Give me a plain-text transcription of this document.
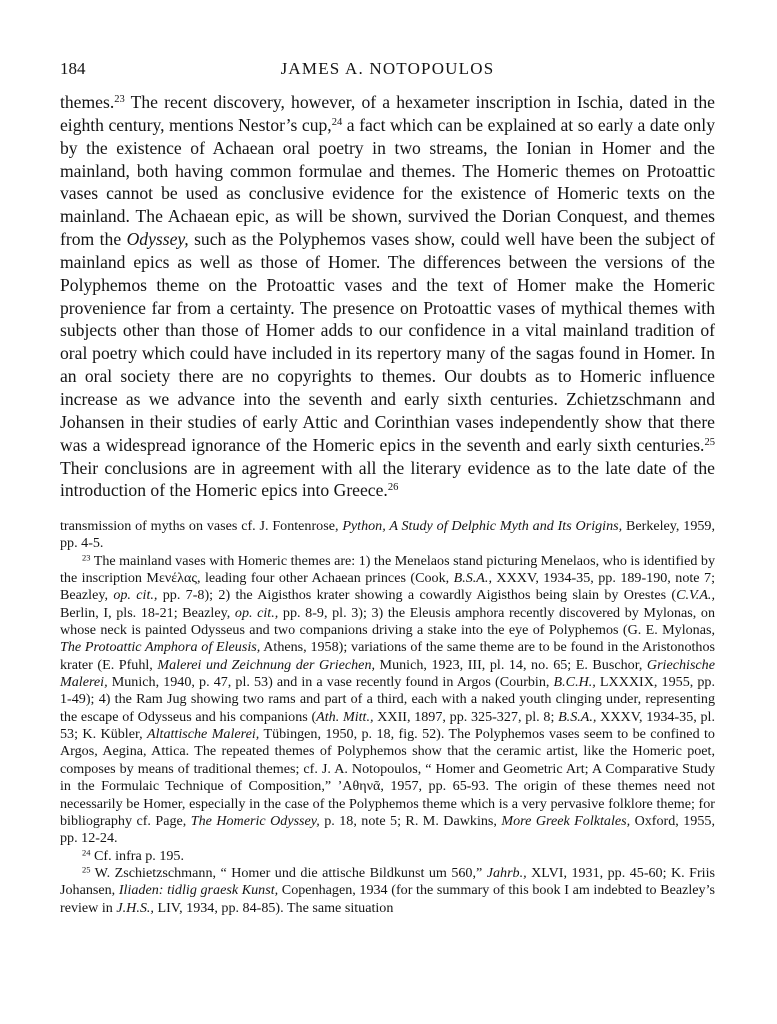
184	JAMES A. NOTOPOULOS

themes.$^{23}$ The recent discovery, however, of a hexameter inscription in Ischia, dated in the eighth century, mentions Nestor’s cup,$^{24}$ a fact which can be explained at so early a date only by the existence of Achaean oral poetry in two streams, the Ionian in Homer and the mainland, both having common formulae and themes. The Homeric themes on Protoattic vases cannot be used as conclusive evidence for the existence of Homeric texts on the mainland. The Achaean epic, as will be shown, survived the Dorian Conquest, and themes from the Odyssey, such as the Polyphemos vases show, could well have been the subject of mainland epics as well as those of Homer. The differences between the versions of the Polyphemos theme on the Protoattic vases and the text of Homer make the Homeric provenience far from a certainty. The presence on Protoattic vases of mythical themes with subjects other than those of Homer adds to our confidence in a vital mainland tradition of oral poetry which could have included in its repertory many of the sagas found in Homer. In an oral society there are no copyrights to themes. Our doubts as to Homeric influence increase as we advance into the seventh and early sixth centuries. Zchietzschmann and Johansen in their studies of early Attic and Corinthian vases independently show that there was a widespread ignorance of the Homeric epics in the seventh and early sixth centuries.$^{25}$ Their conclusions are in agreement with all the literary evidence as to the late date of the introduction of the Homeric epics into Greece.$^{26}$

transmission of myths on vases cf. J. Fontenrose, Python, A Study of Delphic Myth and Its Origins, Berkeley, 1959, pp. 4-5.

$^{23}$ The mainland vases with Homeric themes are: 1) the Menelaos stand picturing Menelaos, who is identified by the inscription Μενέλας, leading four other Achaean princes (Cook, B.S.A., XXXV, 1934-35, pp. 189-190, note 7; Beazley, op. cit., pp. 7-8); 2) the Aigisthos krater showing a cowardly Aigisthos being slain by Orestes (C.V.A., Berlin, I, pls. 18-21; Beazley, op. cit., pp. 8-9, pl. 3); 3) the Eleusis amphora recently discovered by Mylonas, on whose neck is painted Odysseus and two companions driving a stake into the eye of Polyphemos (G. E. Mylonas, The Protoattic Amphora of Eleusis, Athens, 1958); variations of the same theme are to be found in the Aristonothos krater (E. Pfuhl, Malerei und Zeichnung der Griechen, Munich, 1923, III, pl. 14, no. 65; E. Buschor, Griechische Malerei, Munich, 1940, p. 47, pl. 53) and in a vase recently found in Argos (Courbin, B.C.H., LXXXIX, 1955, pp. 1-49); 4) the Ram Jug showing two rams and part of a third, each with a naked youth clinging under, representing the escape of Odysseus and his companions (Ath. Mitt., XXII, 1897, pp. 325-327, pl. 8; B.S.A., XXXV, 1934-35, pl. 53; K. Kübler, Altattische Malerei, Tübingen, 1950, p. 18, fig. 52). The Polyphemos vases seem to be confined to Argos, Aegina, Attica. The repeated themes of Polyphemos show that the ceramic artist, like the Homeric poet, composes by means of traditional themes; cf. J. A. Notopoulos, “ Homer and Geometric Art; A Comparative Study in the Formulaic Technique of Composition,” ’Αθηνᾶ, 1957, pp. 65-93. The origin of these themes need not necessarily be Homer, especially in the case of the Polyphemos theme which is a very pervasive folklore theme; for bibliography cf. Page, The Homeric Odyssey, p. 18, note 5; R. M. Dawkins, More Greek Folktales, Oxford, 1955, pp. 12-24.

$^{24}$ Cf. infra p. 195.

$^{25}$ W. Zschietzschmann, “ Homer und die attische Bildkunst um 560,” Jahrb., XLVI, 1931, pp. 45-60; K. Friis Johansen, Iliaden: tidlig graesk Kunst, Copenhagen, 1934 (for the summary of this book I am indebted to Beazley’s review in J.H.S., LIV, 1934, pp. 84-85). The same situation
